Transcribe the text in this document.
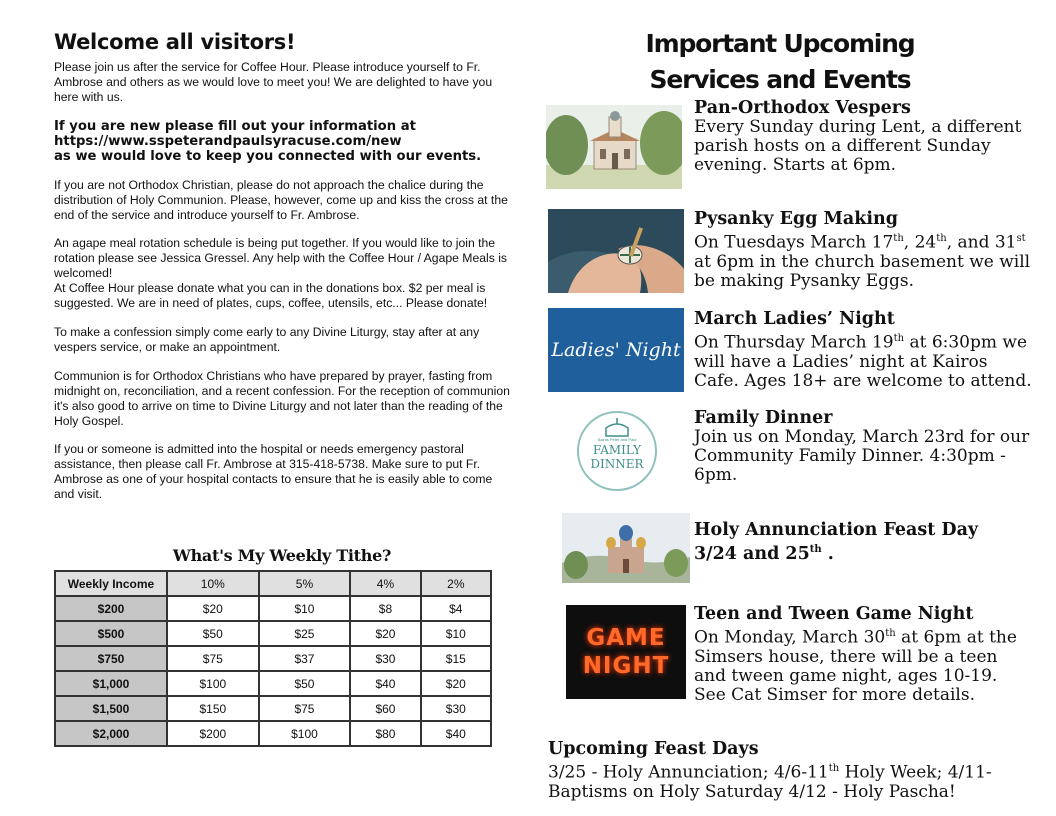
Welcome all visitors!

Please join us after the service for Coffee Hour. Please introduce yourself to Fr. Ambrose and others as we would love to meet you! We are delighted to have you here with us.

If you are new please fill out your information at
https://www.sspeterandpaulsyracuse.com/new
as we would love to keep you connected with our events.

If you are not Orthodox Christian, please do not approach the chalice during the distribution of Holy Communion. Please, however, come up and kiss the cross at the end of the service and introduce yourself to Fr. Ambrose.

An agape meal rotation schedule is being put together. If you would like to join the rotation please see Jessica Gressel. Any help with the Coffee Hour / Agape Meals is welcomed!

At Coffee Hour please donate what you can in the donations box. $2 per meal is suggested. We are in need of plates, cups, coffee, utensils, etc... Please donate!

To make a confession simply come early to any Divine Liturgy, stay after at any vespers service, or make an appointment.

Communion is for Orthodox Christians who have prepared by prayer, fasting from midnight on, reconciliation, and a recent confession. For the reception of communion it's also good to arrive on time to Divine Liturgy and not later than the reading of the Holy Gospel.

If you or someone is admitted into the hospital or needs emergency pastoral assistance, then please call Fr. Ambrose at 315-418-5738. Make sure to put Fr. Ambrose as one of your hospital contacts to ensure that he is easily able to come and visit.

What's My Weekly Tithe?
Weekly Income	10%	5%	4%	2%
$200	$20	$10	$8	$4
$500	$50	$25	$20	$10
$750	$75	$37	$30	$15
$1,000	$100	$50	$40	$20
$1,500	$150	$75	$60	$30
$2,000	$200	$100	$80	$40
Important Upcoming
Services and Events
Pan-Orthodox Vespers
Every Sunday during Lent, a different parish hosts on a different Sunday evening. Starts at 6pm.
Pysanky Egg Making
On Tuesdays March 17th, 24th, and 31st at 6pm in the church basement we will be making Pysanky Eggs.
Ladies' Night
March Ladies’ Night
On Thursday March 19th at 6:30pm we will have a Ladies’ night at Kairos Cafe. Ages 18+ are welcome to attend.
Saints Peter and Paul
FAMILY
DINNER
Family Dinner
Join us on Monday, March 23rd for our Community Family Dinner. 4:30pm - 6pm.
Holy Annunciation Feast Day
3/24 and 25th .
GAME
NIGHT
Teen and Tween Game Night
On Monday, March 30th at 6pm at the Simsers house, there will be a teen and tween game night, ages 10-19. See Cat Simser for more details.
Upcoming Feast Days
3/25 - Holy Annunciation; 4/6-11th Holy Week; 4/11- Baptisms on Holy Saturday 4/12 - Holy Pascha!
